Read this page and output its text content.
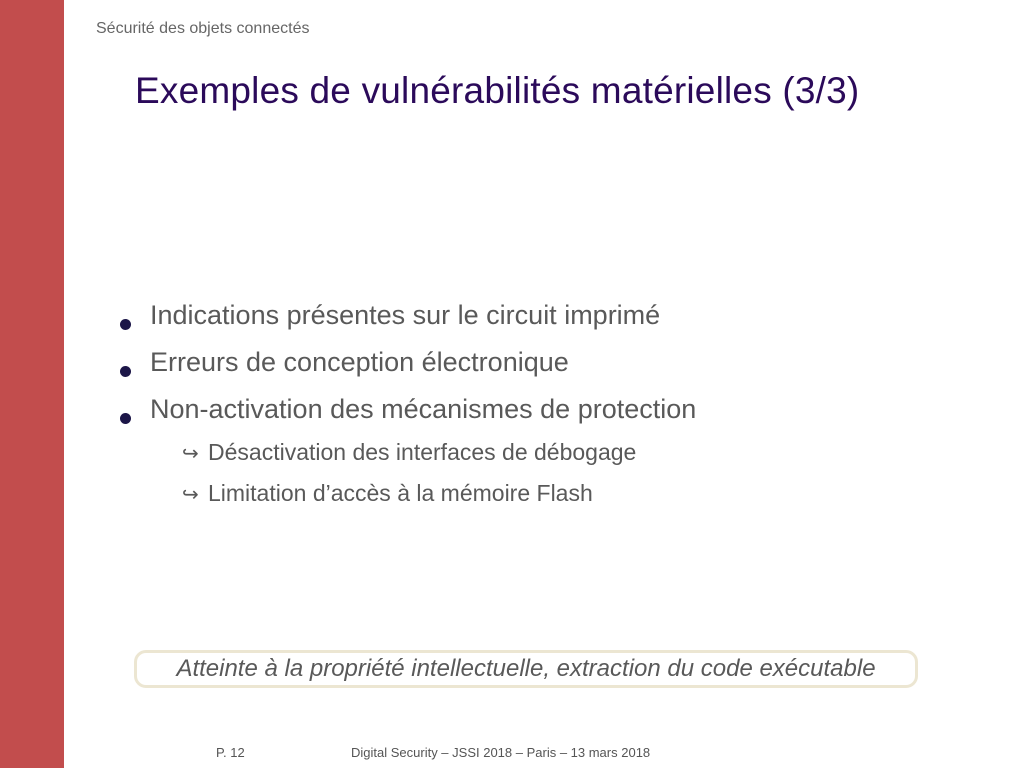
Sécurité des objets connectés
Exemples de vulnérabilités matérielles (3/3)
Indications présentes sur le circuit imprimé
Erreurs de conception électronique
Non-activation des mécanismes de protection
↪ Désactivation des interfaces de débogage
↪ Limitation d’accès à la mémoire Flash
Atteinte à la propriété intellectuelle, extraction du code exécutable
P. 12	Digital Security – JSSI 2018 – Paris – 13 mars 2018
